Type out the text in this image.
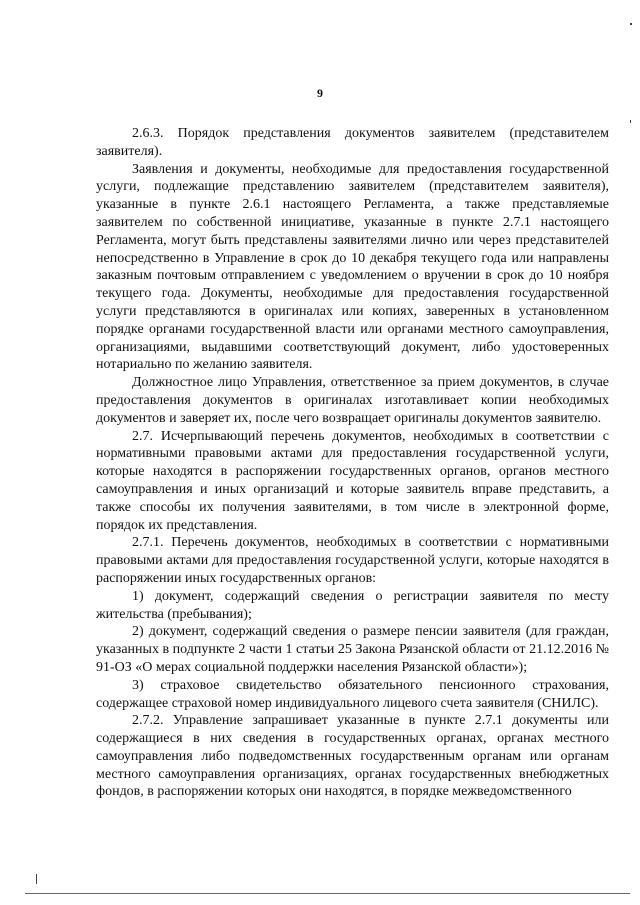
9

2.6.3. Порядок представления документов заявителем (представителем заявителя).

Заявления и документы, необходимые для предоставления государственной услуги, подлежащие представлению заявителем (представителем заявителя), указанные в пункте 2.6.1 настоящего Регламента, а также представляемые заявителем по собственной инициативе, указанные в пункте 2.7.1 настоящего Регламента, могут быть представлены заявителями лично или через представителей непосредственно в Управление в срок до 10 декабря текущего года или направлены заказным почтовым отправлением с уведомлением о вручении в срок до 10 ноября текущего года. Документы, необходимые для предоставления государственной услуги представляются в оригиналах или копиях, заверенных в установленном порядке органами государственной власти или органами местного самоуправления, организациями, выдавшими соответствующий документ, либо удостоверенных нотариально по желанию заявителя.

Должностное лицо Управления, ответственное за прием документов, в случае предоставления документов в оригиналах изготавливает копии необходимых документов и заверяет их, после чего возвращает оригиналы документов заявителю.

2.7. Исчерпывающий перечень документов, необходимых в соответствии с нормативными правовыми актами для предоставления государственной услуги, которые находятся в распоряжении государственных органов, органов местного самоуправления и иных организаций и которые заявитель вправе представить, а также способы их получения заявителями, в том числе в электронной форме, порядок их представления.

2.7.1. Перечень документов, необходимых в соответствии с нормативными правовыми актами для предоставления государственной услуги, которые находятся в распоряжении иных государственных органов:

1) документ, содержащий сведения о регистрации заявителя по месту жительства (пребывания);

2) документ, содержащий сведения о размере пенсии заявителя (для граждан, указанных в подпункте 2 части 1 статьи 25 Закона Рязанской области от 21.12.2016 № 91-ОЗ «О мерах социальной поддержки населения Рязанской области»);

3) страховое свидетельство обязательного пенсионного страхования, содержащее страховой номер индивидуального лицевого счета заявителя (СНИЛС).

2.7.2. Управление запрашивает указанные в пункте 2.7.1 документы или содержащиеся в них сведения в государственных органах, органах местного самоуправления либо подведомственных государственным органам или органам местного самоуправления организациях, органах государственных внебюджетных фондов, в распоряжении которых они находятся, в порядке межведомственного
